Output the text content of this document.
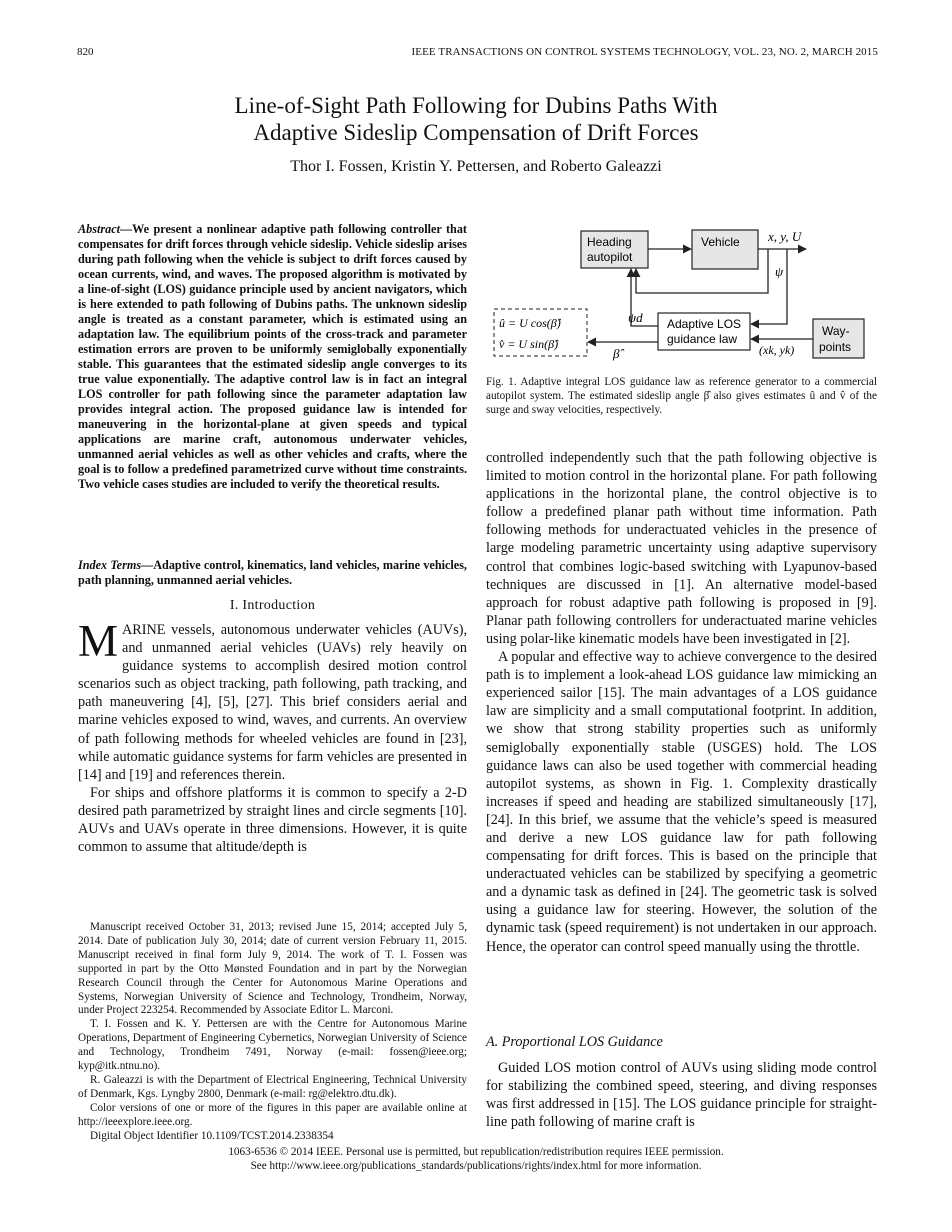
820	IEEE TRANSACTIONS ON CONTROL SYSTEMS TECHNOLOGY, VOL. 23, NO. 2, MARCH 2015
Line-of-Sight Path Following for Dubins Paths With
Adaptive Sideslip Compensation of Drift Forces
Thor I. Fossen, Kristin Y. Pettersen, and Roberto Galeazzi
Abstract—We present a nonlinear adaptive path following controller that compensates for drift forces through vehicle sideslip. Vehicle sideslip arises during path following when the vehicle is subject to drift forces caused by ocean currents, wind, and waves. The proposed algorithm is motivated by a line-of-sight (LOS) guidance principle used by ancient navigators, which is here extended to path following of Dubins paths. The unknown sideslip angle is treated as a constant parameter, which is estimated using an adaptation law. The equilibrium points of the cross-track and parameter estimation errors are proven to be uniformly semiglobally exponentially stable. This guarantees that the estimated sideslip angle converges to its true value exponentially. The adaptive control law is in fact an integral LOS controller for path following since the parameter adaptation law provides integral action. The proposed guidance law is intended for maneuvering in the horizontal-plane at given speeds and typical applications are marine craft, autonomous underwater vehicles, unmanned aerial vehicles as well as other vehicles and crafts, where the goal is to follow a predefined parametrized curve without time constraints. Two vehicle cases studies are included to verify the theoretical results.
Index Terms—Adaptive control, kinematics, land vehicles, marine vehicles, path planning, unmanned aerial vehicles.
I. Introduction

MARINE vessels, autonomous underwater vehicles (AUVs), and unmanned aerial vehicles (UAVs) rely heavily on guidance systems to accomplish desired motion control scenarios such as object tracking, path following, path tracking, and path maneuvering [4], [5], [27]. This brief considers aerial and marine vehicles exposed to wind, waves, and currents. An overview of path following methods for wheeled vehicles are found in [23], while automatic guidance systems for farm vehicles are presented in [14] and [19] and references therein.

For ships and offshore platforms it is common to specify a 2-D desired path parametrized by straight lines and circle segments [10]. AUVs and UAVs operate in three dimensions. However, it is quite common to assume that altitude/depth is

Manuscript received October 31, 2013; revised June 15, 2014; accepted July 5, 2014. Date of publication July 30, 2014; date of current version February 11, 2015. Manuscript received in final form July 9, 2014. The work of T. I. Fossen was supported in part by the Otto Mønsted Foundation and in part by the Norwegian Research Council through the Center for Autonomous Marine Operations and Systems, Norwegian University of Science and Technology, Trondheim, Norway, under Project 223254. Recommended by Associate Editor L. Marconi.

T. I. Fossen and K. Y. Pettersen are with the Centre for Autonomous Marine Operations, Department of Engineering Cybernetics, Norwegian University of Science and Technology, Trondheim 7491, Norway (e-mail: fossen@ieee.org; kyp@itk.ntnu.no).

R. Galeazzi is with the Department of Electrical Engineering, Technical University of Denmark, Kgs. Lyngby 2800, Denmark (e-mail: rg@elektro.dtu.dk).

Color versions of one or more of the figures in this paper are available online at http://ieeexplore.ieee.org.

Digital Object Identifier 10.1109/TCST.2014.2338354

Heading
autopilot
Vehicle
Adaptive LOS
guidance law
Way-
points
û = U cos(β̂)
v̂ = U sin(β̂)
x, y, U
ψ
ψd
(xk, yk)
β̂
Fig. 1. Adaptive integral LOS guidance law as reference generator to a commercial autopilot system. The estimated sideslip angle β̂ also gives estimates û and v̂ of the surge and sway velocities, respectively.

controlled independently such that the path following objective is limited to motion control in the horizontal plane. For path following applications in the horizontal plane, the control objective is to follow a predefined planar path without time information. Path following methods for underactuated vehicles in the presence of large modeling parametric uncertainty using adaptive supervisory control that combines logic-based switching with Lyapunov-based techniques are discussed in [1]. An alternative model-based approach for robust adaptive path following is proposed in [9]. Planar path following controllers for underactuated marine vehicles using polar-like kinematic models have been investigated in [2].

A popular and effective way to achieve convergence to the desired path is to implement a look-ahead LOS guidance law mimicking an experienced sailor [15]. The main advantages of a LOS guidance law are simplicity and a small computational footprint. In addition, we show that strong stability properties such as uniformly semiglobally exponentially stable (USGES) hold. The LOS guidance laws can also be used together with commercial heading autopilot systems, as shown in Fig. 1. Complexity drastically increases if speed and heading are stabilized simultaneously [17], [24]. In this brief, we assume that the vehicle’s speed is measured and derive a new LOS guidance law for path following compensating for drift forces. This is based on the principle that underactuated vehicles can be stabilized by specifying a geometric and a dynamic task as defined in [24]. The geometric task is solved using a guidance law for steering. However, the solution of the dynamic task (speed requirement) is not undertaken in our approach. Hence, the operator can control speed manually using the throttle.

A. Proportional LOS Guidance

Guided LOS motion control of AUVs using sliding mode control for stabilizing the combined speed, steering, and diving responses was first addressed in [15]. The LOS guidance principle for straight-line path following of marine craft is

1063-6536 © 2014 IEEE. Personal use is permitted, but republication/redistribution requires IEEE permission.
See http://www.ieee.org/publications_standards/publications/rights/index.html for more information.
